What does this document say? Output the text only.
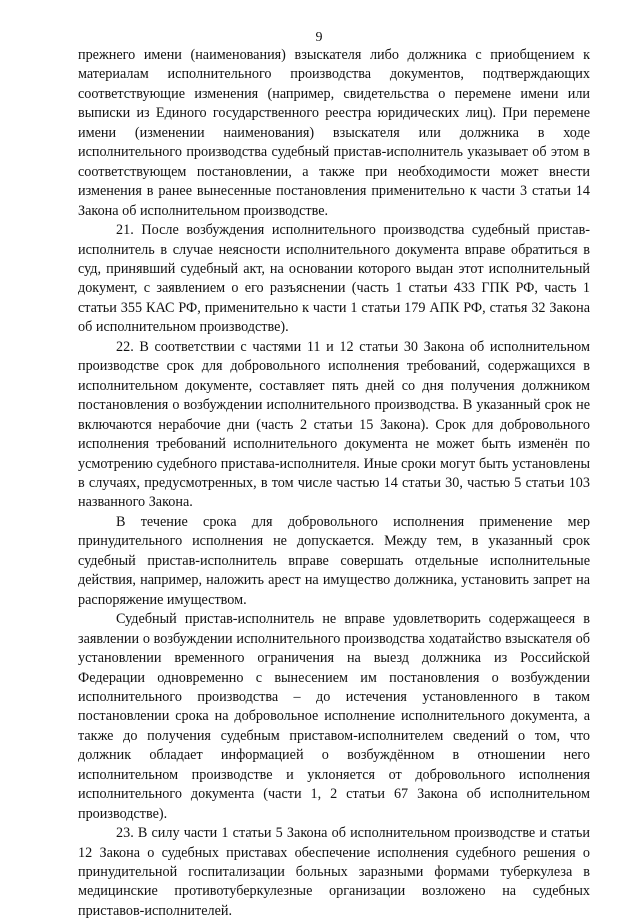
9

прежнего имени (наименования) взыскателя либо должника с приобщением к материалам исполнительного производства документов, подтверждающих соответствующие изменения (например, свидетельства о перемене имени или выписки из Единого государственного реестра юридических лиц). При перемене имени (изменении наименования) взыскателя или должника в ходе исполнительного производства судебный пристав-исполнитель указывает об этом в соответствующем постановлении, а также при необходимости может внести изменения в ранее вынесенные постановления применительно к части 3 статьи 14 Закона об исполнительном производстве.

21. После возбуждения исполнительного производства судебный пристав-исполнитель в случае неясности исполнительного документа вправе обратиться в суд, принявший судебный акт, на основании которого выдан этот исполнительный документ, с заявлением о его разъяснении (часть 1 статьи 433 ГПК РФ, часть 1 статьи 355 КАС РФ, применительно к части 1 статьи 179 АПК РФ, статья 32 Закона об исполнительном производстве).

22. В соответствии с частями 11 и 12 статьи 30 Закона об исполнительном производстве срок для добровольного исполнения требований, содержащихся в исполнительном документе, составляет пять дней со дня получения должником постановления о возбуждении исполнительного производства. В указанный срок не включаются нерабочие дни (часть 2 статьи 15 Закона). Срок для добровольного исполнения требований исполнительного документа не может быть изменён по усмотрению судебного пристава-исполнителя. Иные сроки могут быть установлены в случаях, предусмотренных, в том числе частью 14 статьи 30, частью 5 статьи 103 названного Закона.

В течение срока для добровольного исполнения применение мер принудительного исполнения не допускается. Между тем, в указанный срок судебный пристав-исполнитель вправе совершать отдельные исполнительные действия, например, наложить арест на имущество должника, установить запрет на распоряжение имуществом.

Судебный пристав-исполнитель не вправе удовлетворить содержащееся в заявлении о возбуждении исполнительного производства ходатайство взыскателя об установлении временного ограничения на выезд должника из Российской Федерации одновременно с вынесением им постановления о возбуждении исполнительного производства – до истечения установленного в таком постановлении срока на добровольное исполнение исполнительного документа, а также до получения судебным приставом-исполнителем сведений о том, что должник обладает информацией о возбуждённом в отношении него исполнительном производстве и уклоняется от добровольного исполнения исполнительного документа (части 1, 2 статьи 67 Закона об исполнительном производстве).

23. В силу части 1 статьи 5 Закона об исполнительном производстве и статьи 12 Закона о судебных приставах обеспечение исполнения судебного решения о принудительной госпитализации больных заразными формами туберкулеза в медицинские противотуберкулезные организации возложено на судебных приставов-исполнителей.
